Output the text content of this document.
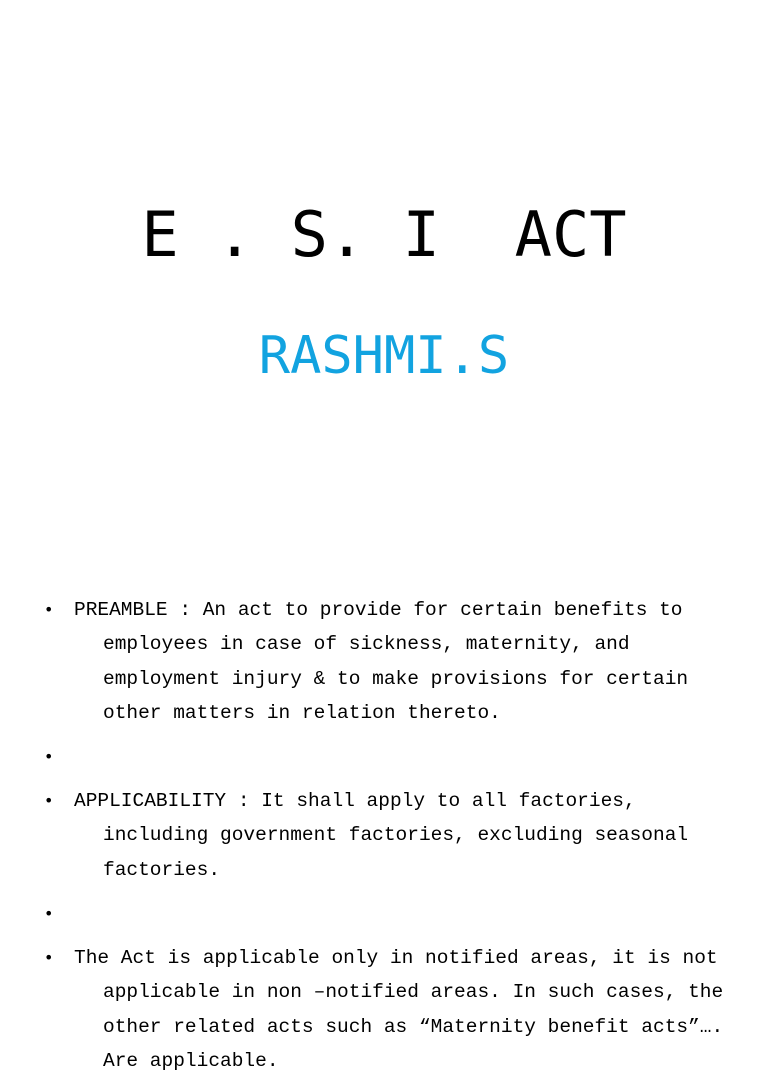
E . S. I  ACT
RASHMI.S
• PREAMBLE : An act to provide for certain benefits to employees in case of sickness, maternity, and employment injury & to make provisions for certain other matters in relation thereto.
•
• APPLICABILITY : It shall apply to all factories, including government factories, excluding seasonal factories.
•
• The Act is applicable only in notified areas, it is not applicable in non –notified areas. In such cases, the other related acts such as “Maternity benefit acts”…. Are applicable.
